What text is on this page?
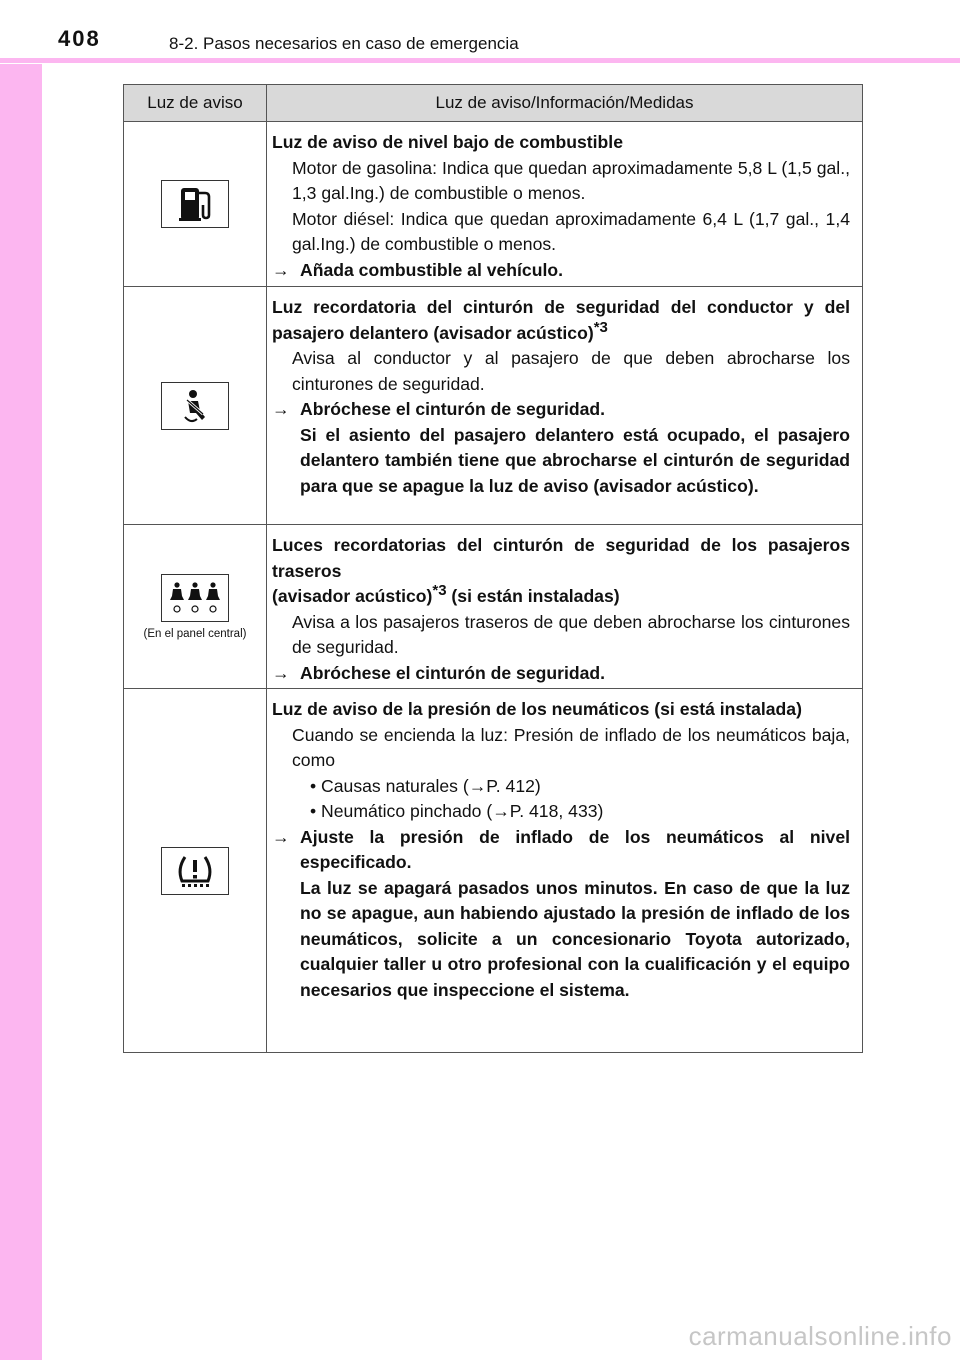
408	8-2. Pasos necesarios en caso de emergencia
Luz de aviso	Luz de aviso/Información/Medidas
Luz de aviso de nivel bajo de combustible
Motor de gasolina: Indica que quedan aproximadamente 5,8 L (1,5 gal., 1,3 gal.Ing.) de combustible o menos.
Motor diésel: Indica que quedan aproximadamente 6,4 L (1,7 gal., 1,4 gal.Ing.) de combustible o menos.
→ Añada combustible al vehículo.
Luz recordatoria del cinturón de seguridad del conductor y del pasajero delantero (avisador acústico)$^{*3}$
Avisa al conductor y al pasajero de que deben abrocharse los cinturones de seguridad.
→ Abróchese el cinturón de seguridad.
Si el asiento del pasajero delantero está ocupado, el pasajero delantero también tiene que abrocharse el cinturón de seguridad para que se apague la luz de aviso (avisador acústico).
(En el panel central)
Luces recordatorias del cinturón de seguridad de los pasajeros traseros
(avisador acústico)$^{*3}$ (si están instaladas)
Avisa a los pasajeros traseros de que deben abrocharse los cinturones de seguridad.
→ Abróchese el cinturón de seguridad.
Luz de aviso de la presión de los neumáticos (si está instalada)
Cuando se encienda la luz: Presión de inflado de los neumáticos baja, como
• Causas naturales (→P. 412)
• Neumático pinchado (→P. 418, 433)
→ Ajuste la presión de inflado de los neumáticos al nivel especificado.
La luz se apagará pasados unos minutos. En caso de que la luz no se apague, aun habiendo ajustado la presión de inflado de los neumáticos, solicite a un concesionario Toyota autorizado, cualquier taller u otro profesional con la cualificación y el equipo necesarios que inspeccione el sistema.
carmanualsonline.info
